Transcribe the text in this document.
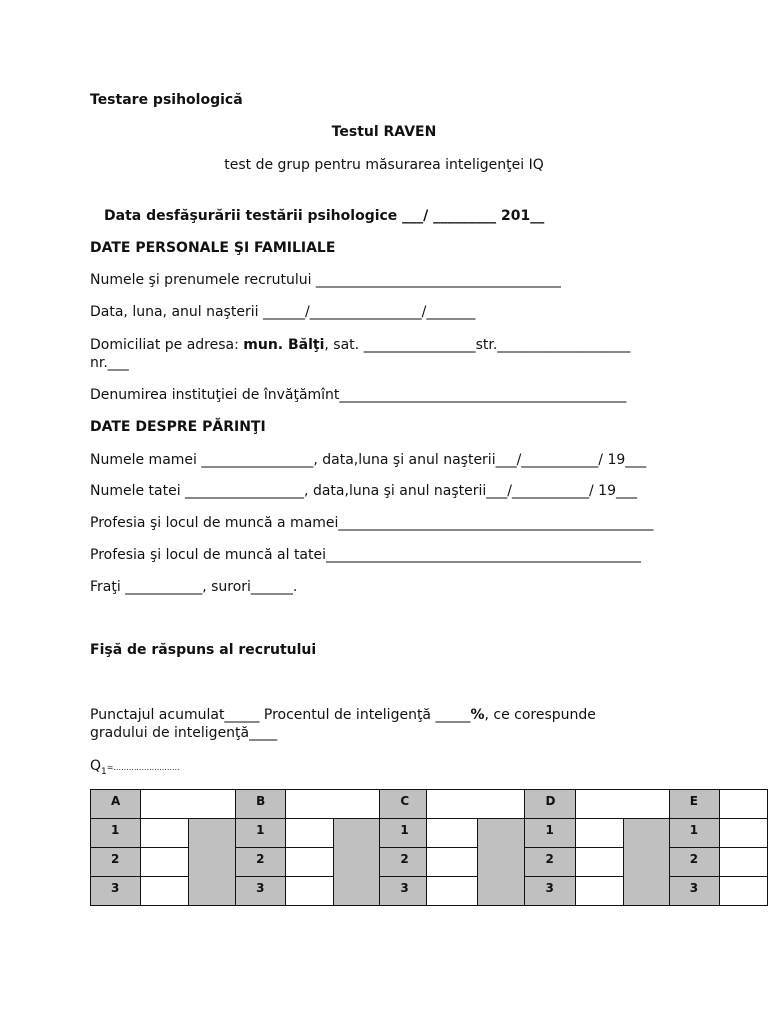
Testare psihologică
Testul RAVEN
test de grup pentru măsurarea inteligenţei IQ
Data desfăşurării testării psihologice ___/ _________ 201__
DATE PERSONALE ŞI FAMILIALE
Numele şi prenumele recrutului ___________________________________
Data, luna, anul naşterii ______/________________/_______
Domiciliat pe adresa: mun. Bălţi, sat. ________________str.___________________
nr.___
Denumirea instituţiei de învăţămînt_________________________________________
DATE DESPRE PĂRINŢI
Numele mamei ________________, data,luna şi anul naşterii___/___________/ 19___
Numele tatei _________________, data,luna şi anul naşterii___/___________/ 19___
Profesia şi locul de muncă a mamei_____________________________________________
Profesia şi locul de muncă al tatei_____________________________________________
Fraţi ___________, surori______.
Fişă de răspuns al recrutului
Punctajul acumulat_____ Procentul de inteligenţă _____%, ce corespunde
gradului de inteligenţă____
$Q_1=$..........................
A			B			C			D			E	
1			1			1			1			1	
2			2			2			2			2	
3			3			3			3			3	
